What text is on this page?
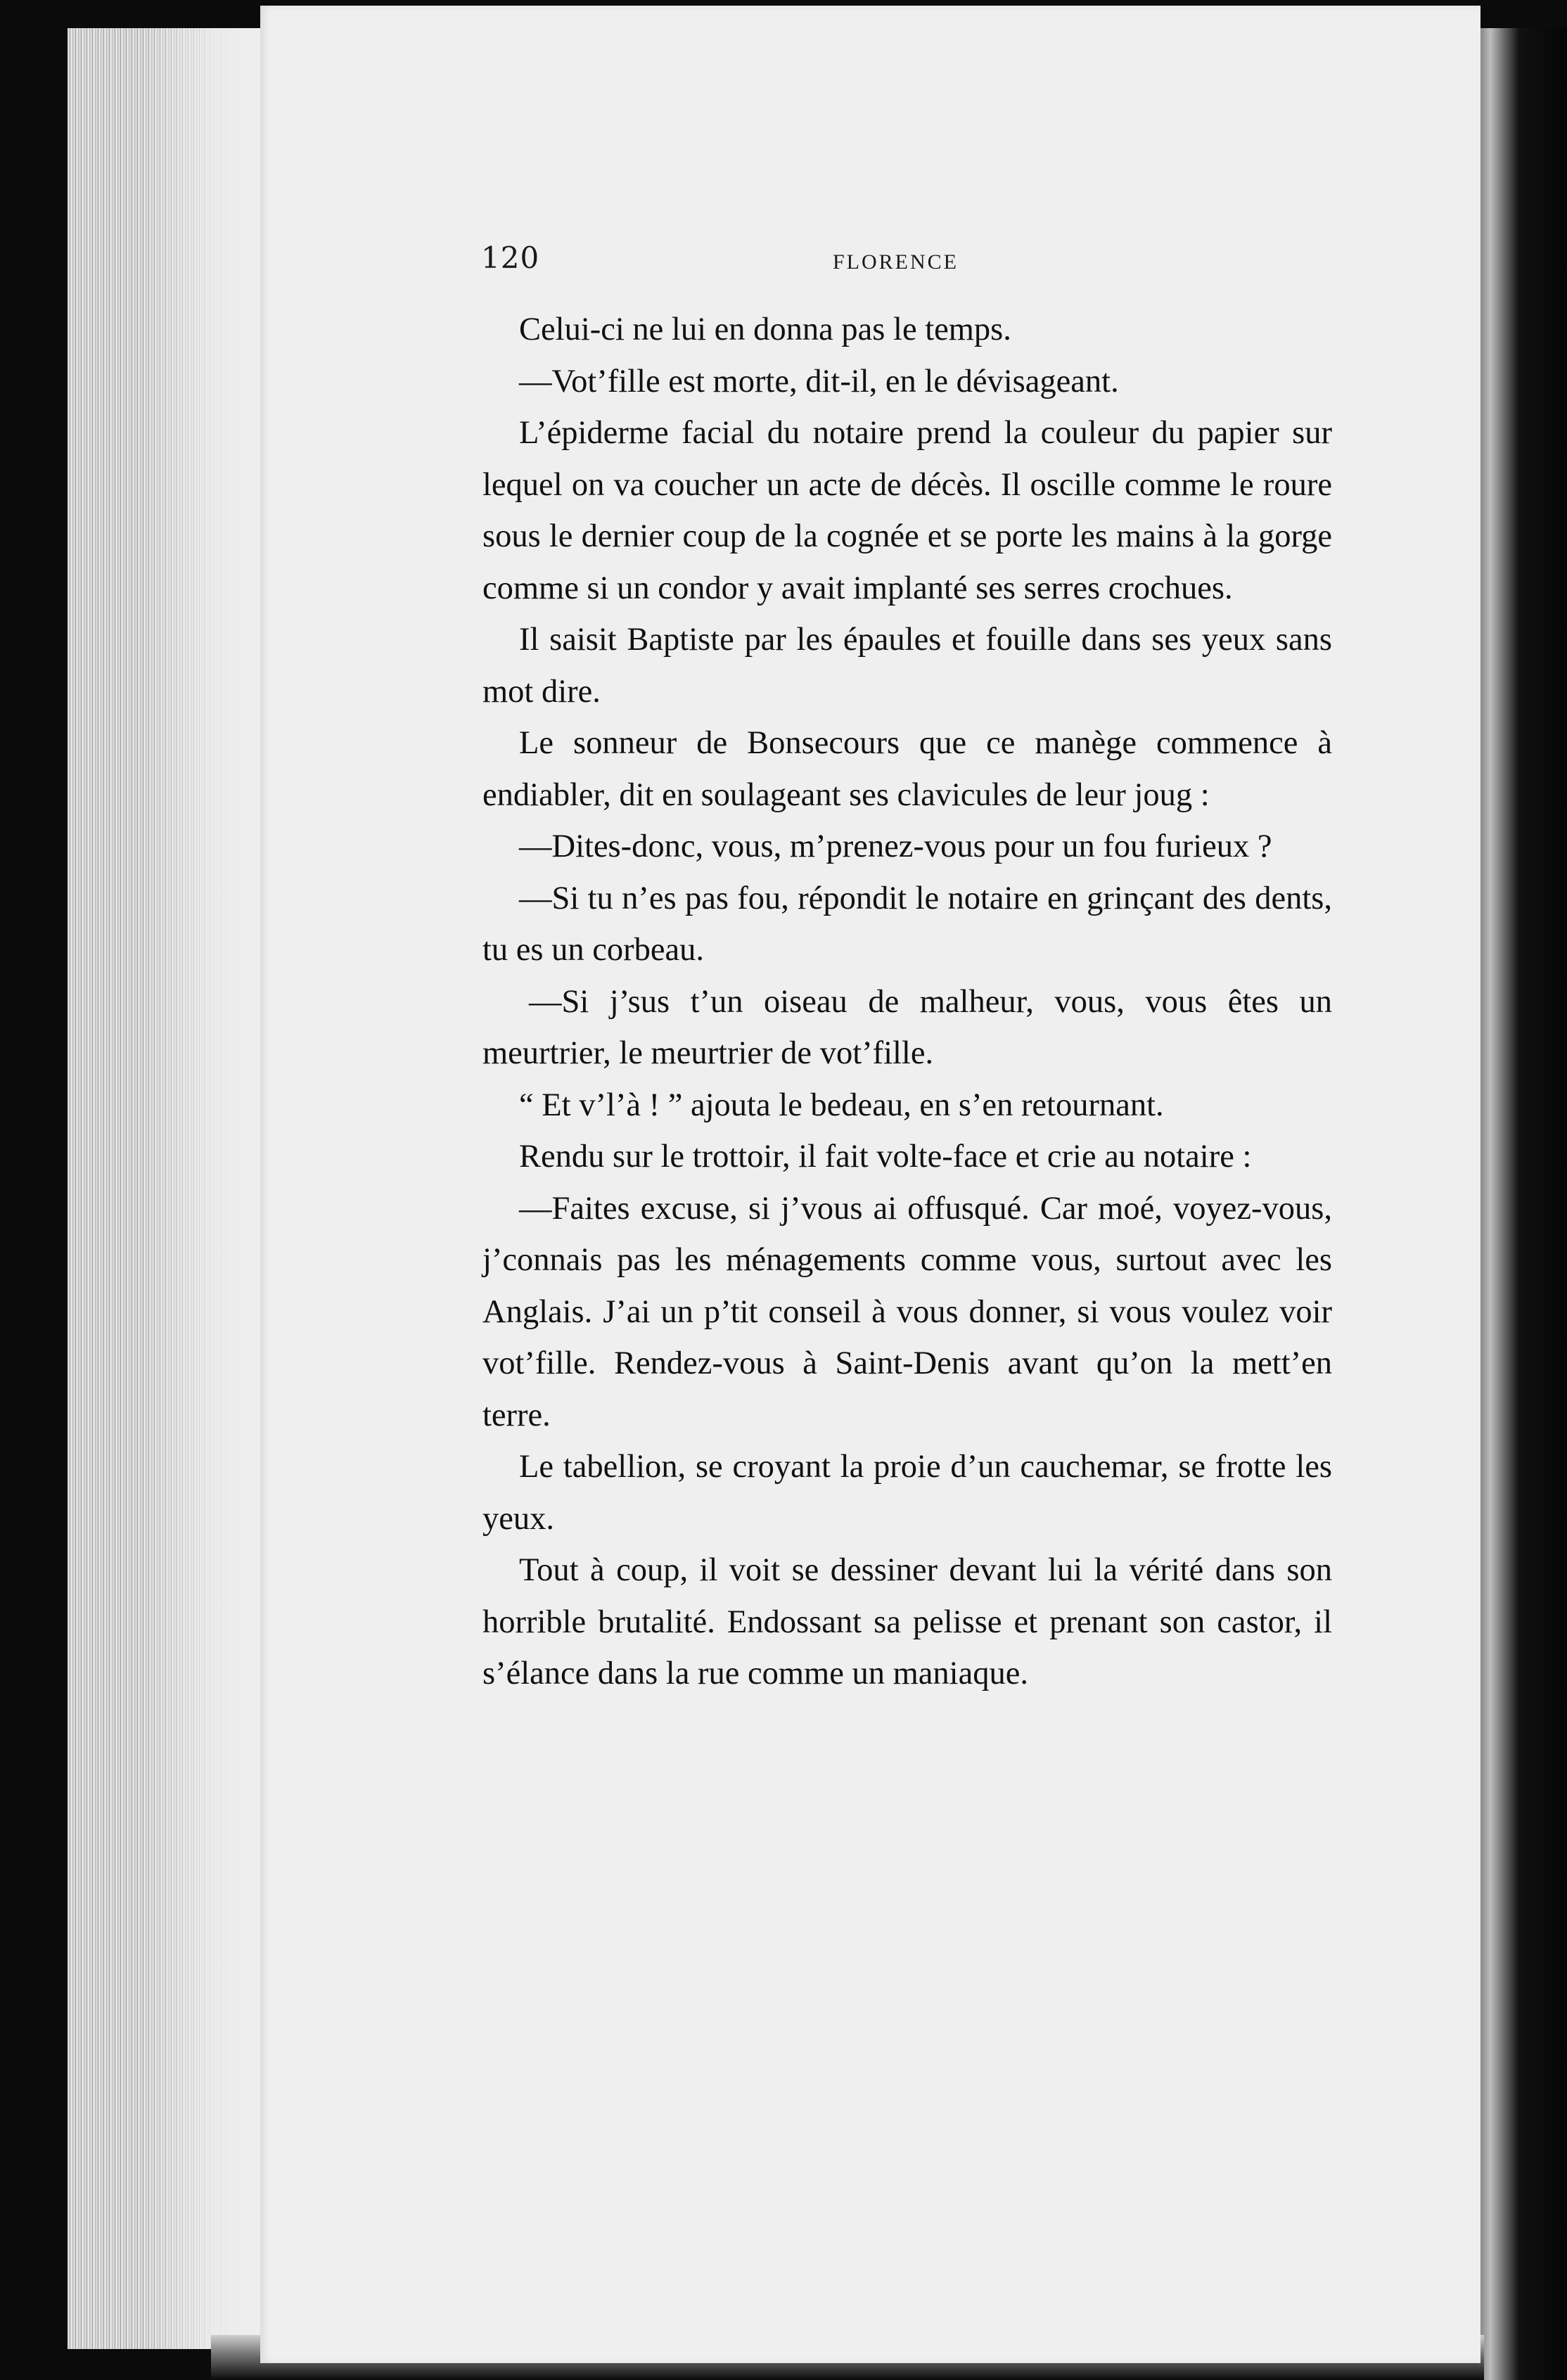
120	FLORENCE

Celui-ci ne lui en donna pas le temps.

—Vot’fille est morte, dit-il, en le dévisageant.

L’épiderme facial du notaire prend la couleur du papier sur lequel on va coucher un acte de décès. Il oscille comme le roure sous le dernier coup de la cognée et se porte les mains à la gorge comme si un condor y avait implanté ses serres crochues.

Il saisit Baptiste par les épaules et fouille dans ses yeux sans mot dire.

Le sonneur de Bonsecours que ce manège commence à endiabler, dit en soulageant ses clavicules de leur joug :

—Dites-donc, vous, m’prenez-vous pour un fou furieux ?

—Si tu n’es pas fou, répondit le notaire en grinçant des dents, tu es un corbeau.

—Si j’sus t’un oiseau de malheur, vous, vous êtes un meurtrier, le meurtrier de vot’fille.

“ Et v’l’à ! ” ajouta le bedeau, en s’en retournant.

Rendu sur le trottoir, il fait volte-face et crie au notaire :

—Faites excuse, si j’vous ai offusqué. Car moé, voyez-vous, j’connais pas les ménagements comme vous, surtout avec les Anglais. J’ai un p’tit conseil à vous donner, si vous voulez voir vot’fille. Rendez-vous à Saint-Denis avant qu’on la mett’en terre.

Le tabellion, se croyant la proie d’un cauchemar, se frotte les yeux.

Tout à coup, il voit se dessiner devant lui la vérité dans son horrible brutalité. Endossant sa pelisse et prenant son castor, il s’élance dans la rue comme un maniaque.
